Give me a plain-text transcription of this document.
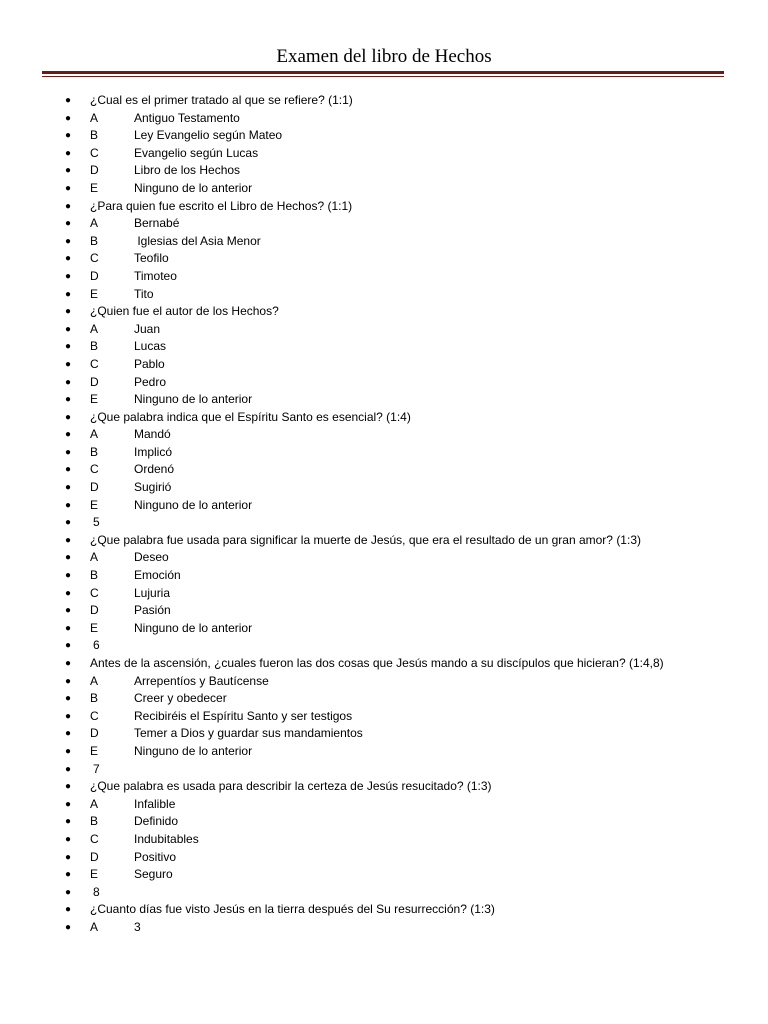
Examen del libro de Hechos
● ¿Cual es el primer tratado al que se refiere? (1:1)
● A	Antiguo Testamento
● B	Ley Evangelio según Mateo
● C	Evangelio según Lucas
● D	Libro de los Hechos
● E	Ninguno de lo anterior
● ¿Para quien fue escrito el Libro de Hechos? (1:1)
● A	Bernabé
● B	Iglesias del Asia Menor
● C	Teofilo
● D	Timoteo
● E	Tito
● ¿Quien fue el autor de los Hechos?
● A	Juan
● B	Lucas
● C	Pablo
● D	Pedro
● E	Ninguno de lo anterior
● ¿Que palabra indica que el Espíritu Santo es esencial? (1:4)
● A	Mandó
● B	Implicó
● C	Ordenó
● D	Sugirió
● E	Ninguno de lo anterior
● 5
● ¿Que palabra fue usada para significar la muerte de Jesús, que era el resultado de un gran amor? (1:3)
● A	Deseo
● B	Emoción
● C	Lujuria
● D	Pasión
● E	Ninguno de lo anterior
● 6
● Antes de la ascensión, ¿cuales fueron las dos cosas que Jesús mando a su discípulos que hicieran? (1:4,8)
● A	Arrepentíos y Bautícense
● B	Creer y obedecer
● C	Recibiréis el Espíritu Santo y ser testigos
● D	Temer a Dios y guardar sus mandamientos
● E	Ninguno de lo anterior
● 7
● ¿Que palabra es usada para describir la certeza de Jesús resucitado? (1:3)
● A	Infalible
● B	Definido
● C	Indubitables
● D	Positivo
● E	Seguro
● 8
● ¿Cuanto días fue visto Jesús en la tierra después del Su resurrección? (1:3)
● A	3
